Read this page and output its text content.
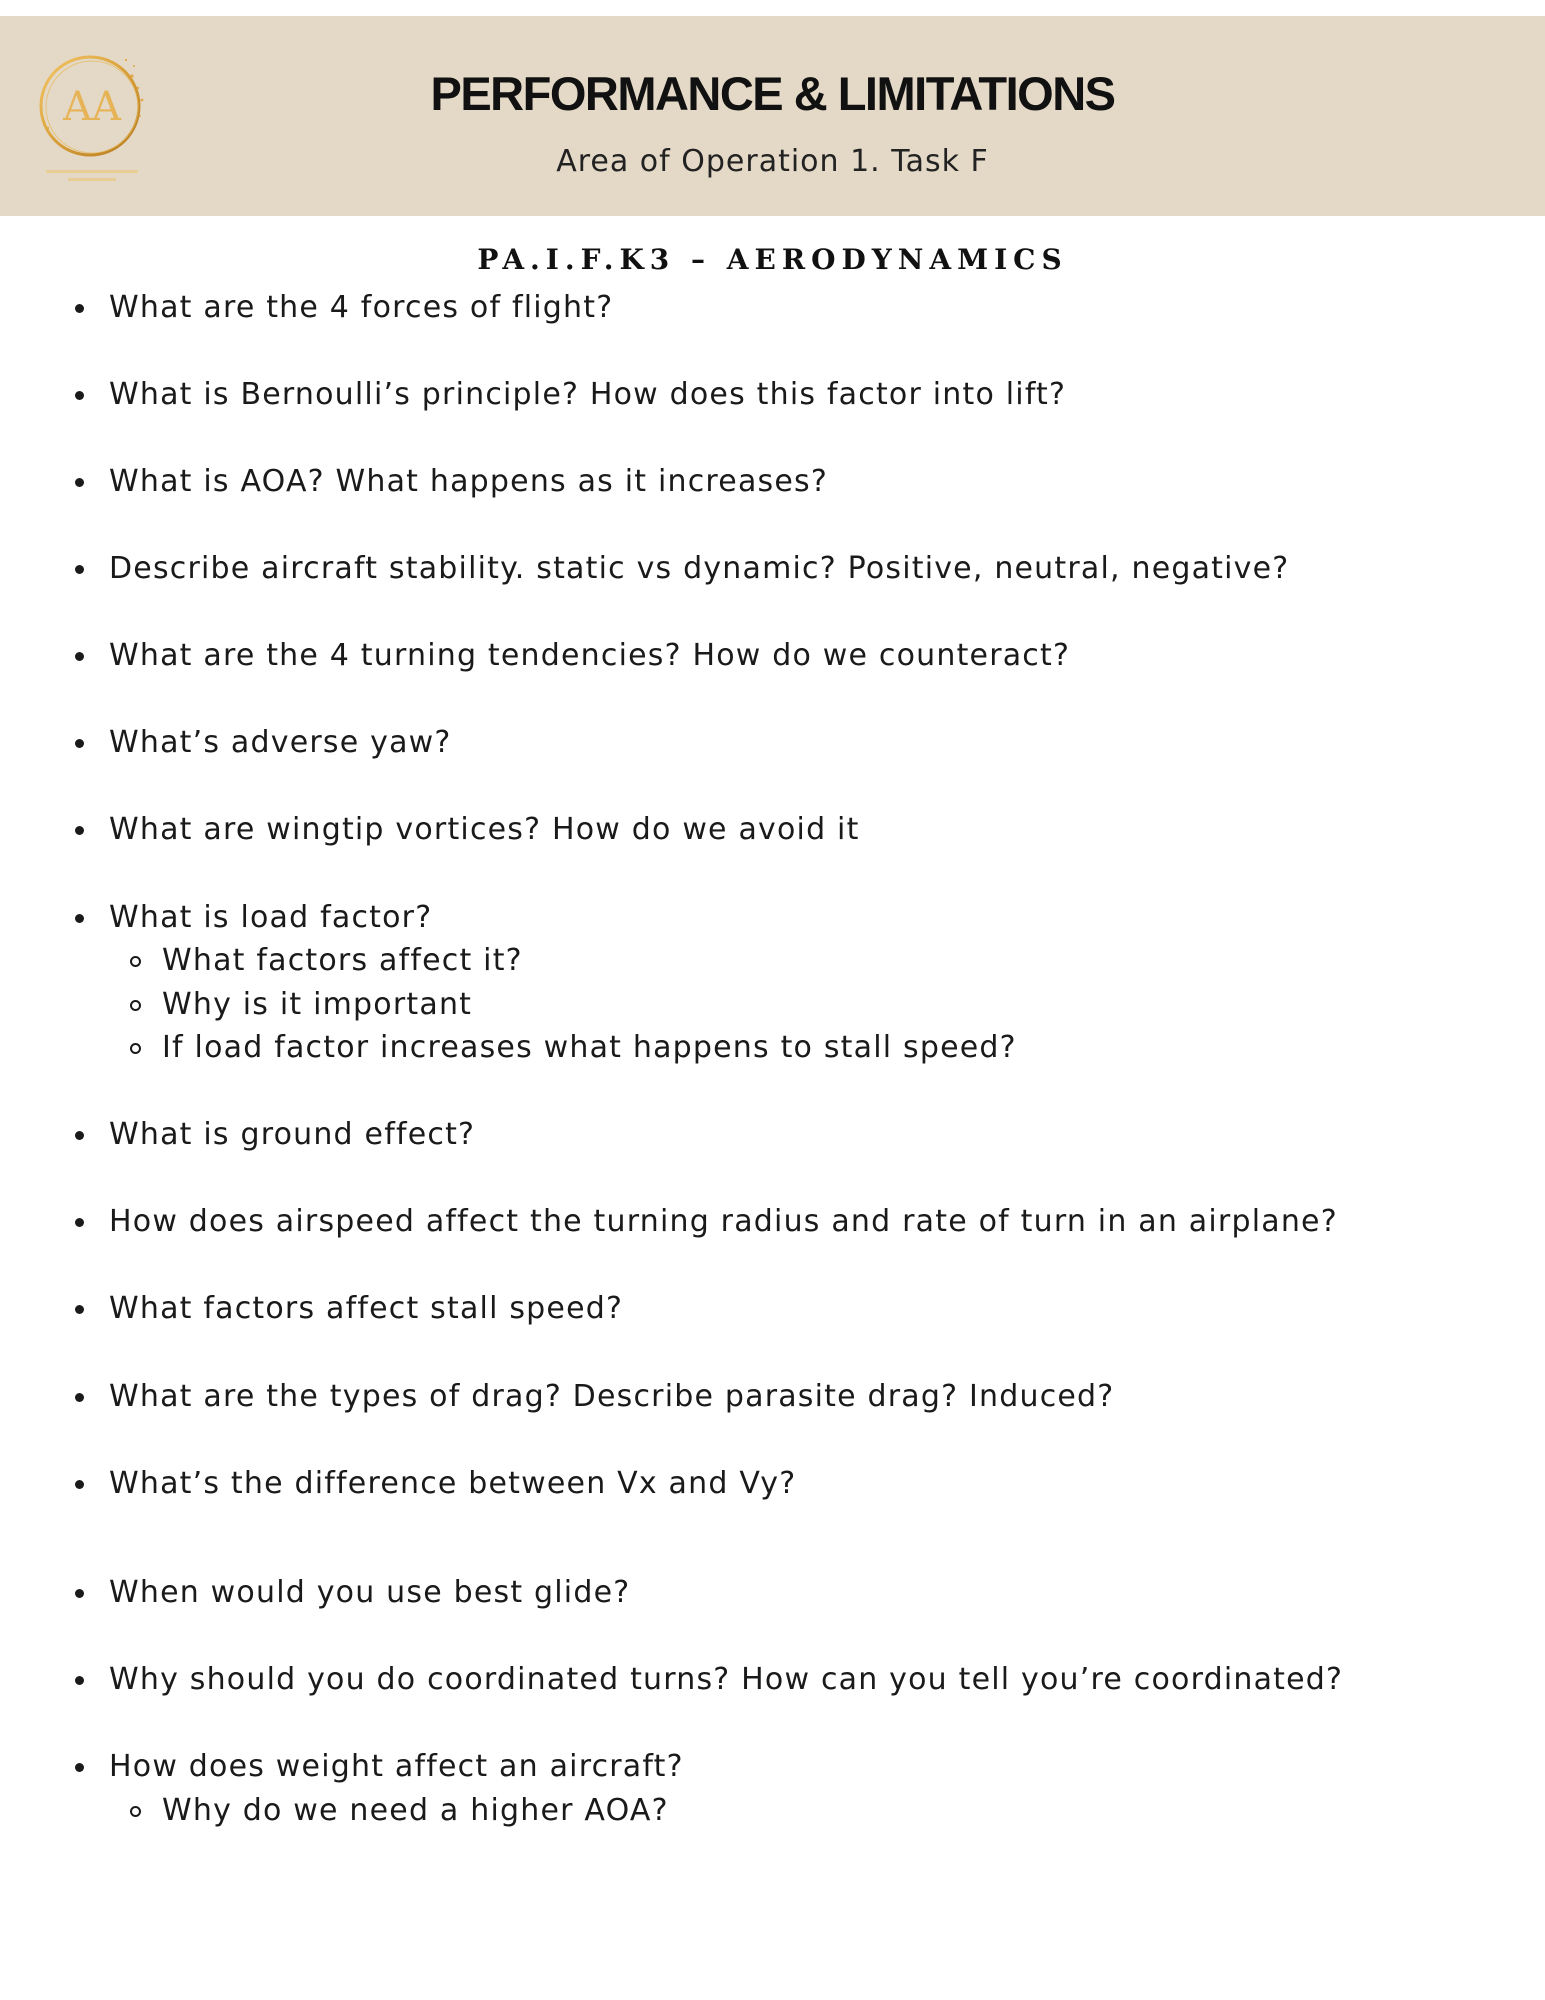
AA	PERFORMANCE & LIMITATIONS
Area of Operation 1. Task F
PA.I.F.K3 – AERODYNAMICS
What are the 4 forces of flight?
What is Bernoulli’s principle? How does this factor into lift?
What is AOA? What happens as it increases?
Describe aircraft stability. static vs dynamic? Positive, neutral, negative?
What are the 4 turning tendencies? How do we counteract?
What’s adverse yaw?
What are wingtip vortices? How do we avoid it
What is load factor?
What factors affect it?
Why is it important
If load factor increases what happens to stall speed?
What is ground effect?
How does airspeed affect the turning radius and rate of turn in an airplane?
What factors affect stall speed?
What are the types of drag? Describe parasite drag? Induced?
What’s the difference between Vx and Vy?
When would you use best glide?
Why should you do coordinated turns? How can you tell you’re coordinated?
How does weight affect an aircraft?
Why do we need a higher AOA?
